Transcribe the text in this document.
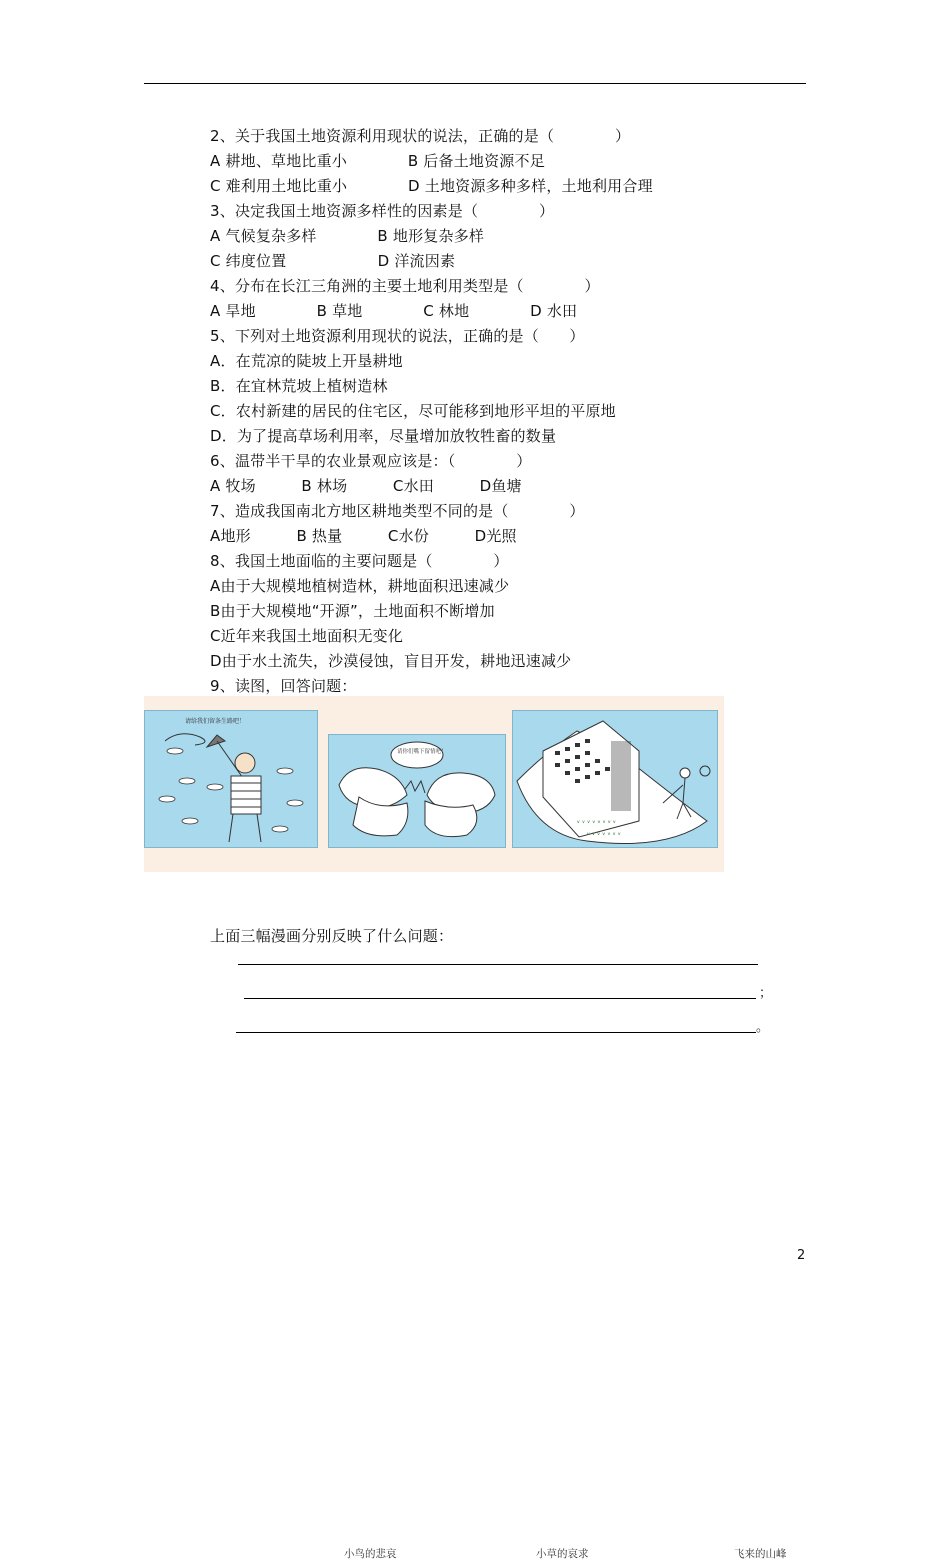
2、关于我国土地资源利用现状的说法，正确的是（　　　　）
A 耕地、草地比重小　　　　B 后备土地资源不足
C 难利用土地比重小　　　　D 土地资源多种多样，土地利用合理
3、决定我国土地资源多样性的因素是（　　　　）
A 气候复杂多样　　　　B 地形复杂多样
C 纬度位置　　　　　　D 洋流因素
4、分布在长江三角洲的主要土地利用类型是（　　　　）
A 旱地　　　　B 草地　　　　C 林地　　　　D 水田
5、下列对土地资源利用现状的说法，正确的是（　　）
A．在荒凉的陡坡上开垦耕地
B．在宜林荒坡上植树造林
C．农村新建的居民的住宅区，尽可能移到地形平坦的平原地
D．为了提高草场利用率，尽量增加放牧牲畜的数量
6、温带半干旱的农业景观应该是：（　　　　）
A 牧场　　　B 林场　　　C水田　　　D鱼塘
7、造成我国南北方地区耕地类型不同的是（　　　　）
A地形　　　B 热量　　　C水份　　　D光照
8、我国土地面临的主要问题是（　　　　）
A由于大规模地植树造林，耕地面积迅速减少
B由于大规模地“开源”，土地面积不断增加
C近年来我国土地面积无变化
D由于水土流失，沙漠侵蚀，盲目开发，耕地迅速减少
9、读图，回答问题：
请给我们留条生路吧！
小鸟的悲哀
请你们嘴下留情吧！
小草的哀求
ᵥ ᵥ ᵥ ᵥ ᵥ ᵥ ᵥ ᵥ
ᵥ ᵥ ᵥ ᵥ ᵥ ᵥ ᵥ
飞来的山峰
上面三幅漫画分别反映了什么问题：
；
。
2
